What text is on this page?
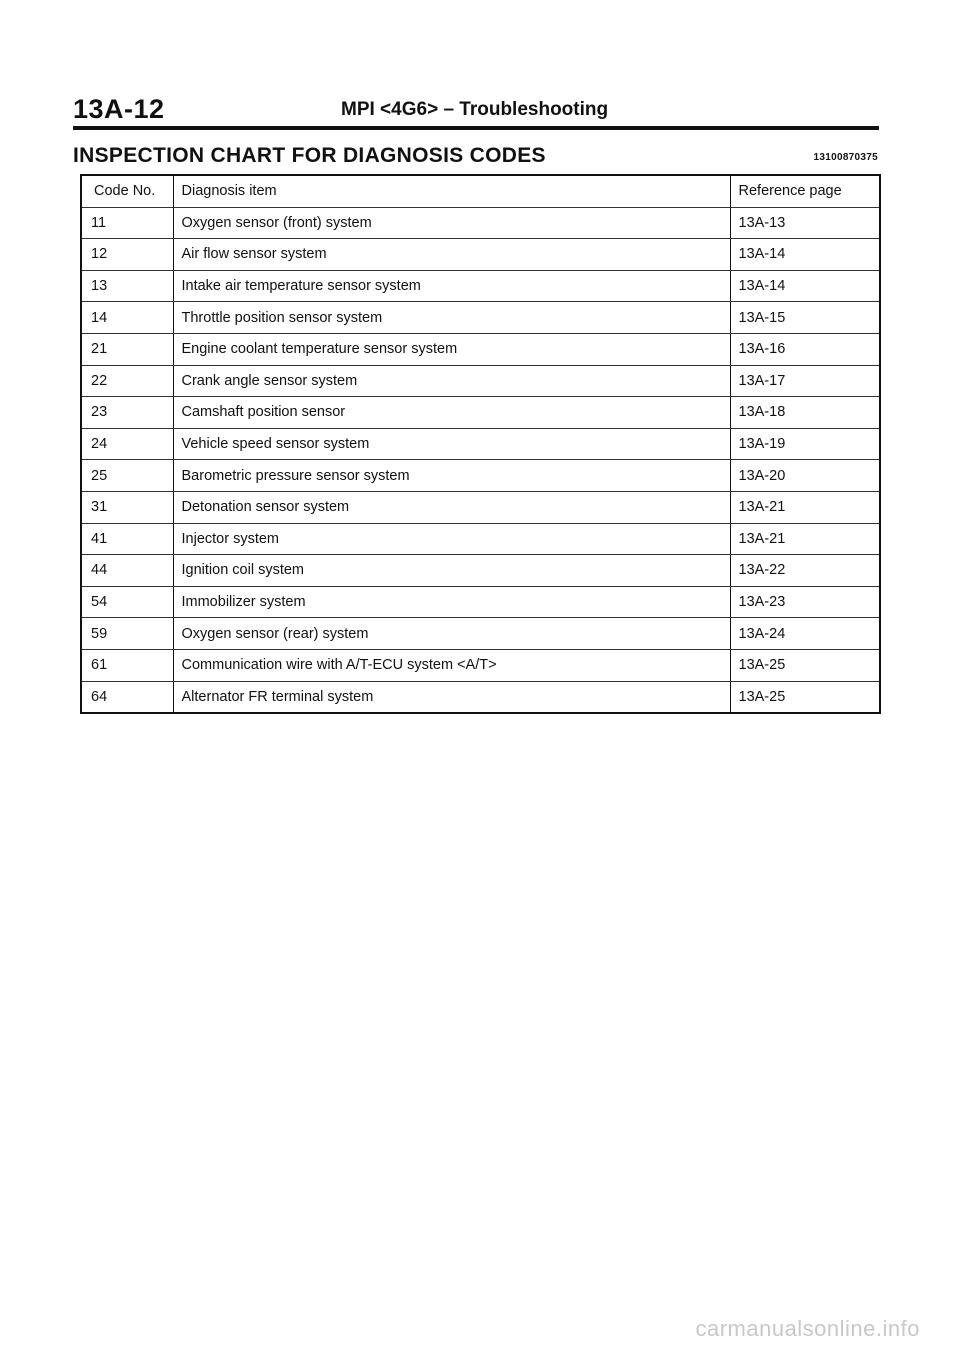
13A-12	MPI <4G6> – Troubleshooting
INSPECTION CHART FOR DIAGNOSIS CODES	13100870375
Code No.	Diagnosis item	Reference page
11	Oxygen sensor (front) system	13A-13
12	Air flow sensor system	13A-14
13	Intake air temperature sensor system	13A-14
14	Throttle position sensor system	13A-15
21	Engine coolant temperature sensor system	13A-16
22	Crank angle sensor system	13A-17
23	Camshaft position sensor	13A-18
24	Vehicle speed sensor system	13A-19
25	Barometric pressure sensor system	13A-20
31	Detonation sensor system	13A-21
41	Injector system	13A-21
44	Ignition coil system	13A-22
54	Immobilizer system	13A-23
59	Oxygen sensor (rear) system	13A-24
61	Communication wire with A/T-ECU system <A/T>	13A-25
64	Alternator FR terminal system	13A-25
carmanualsonline.info
